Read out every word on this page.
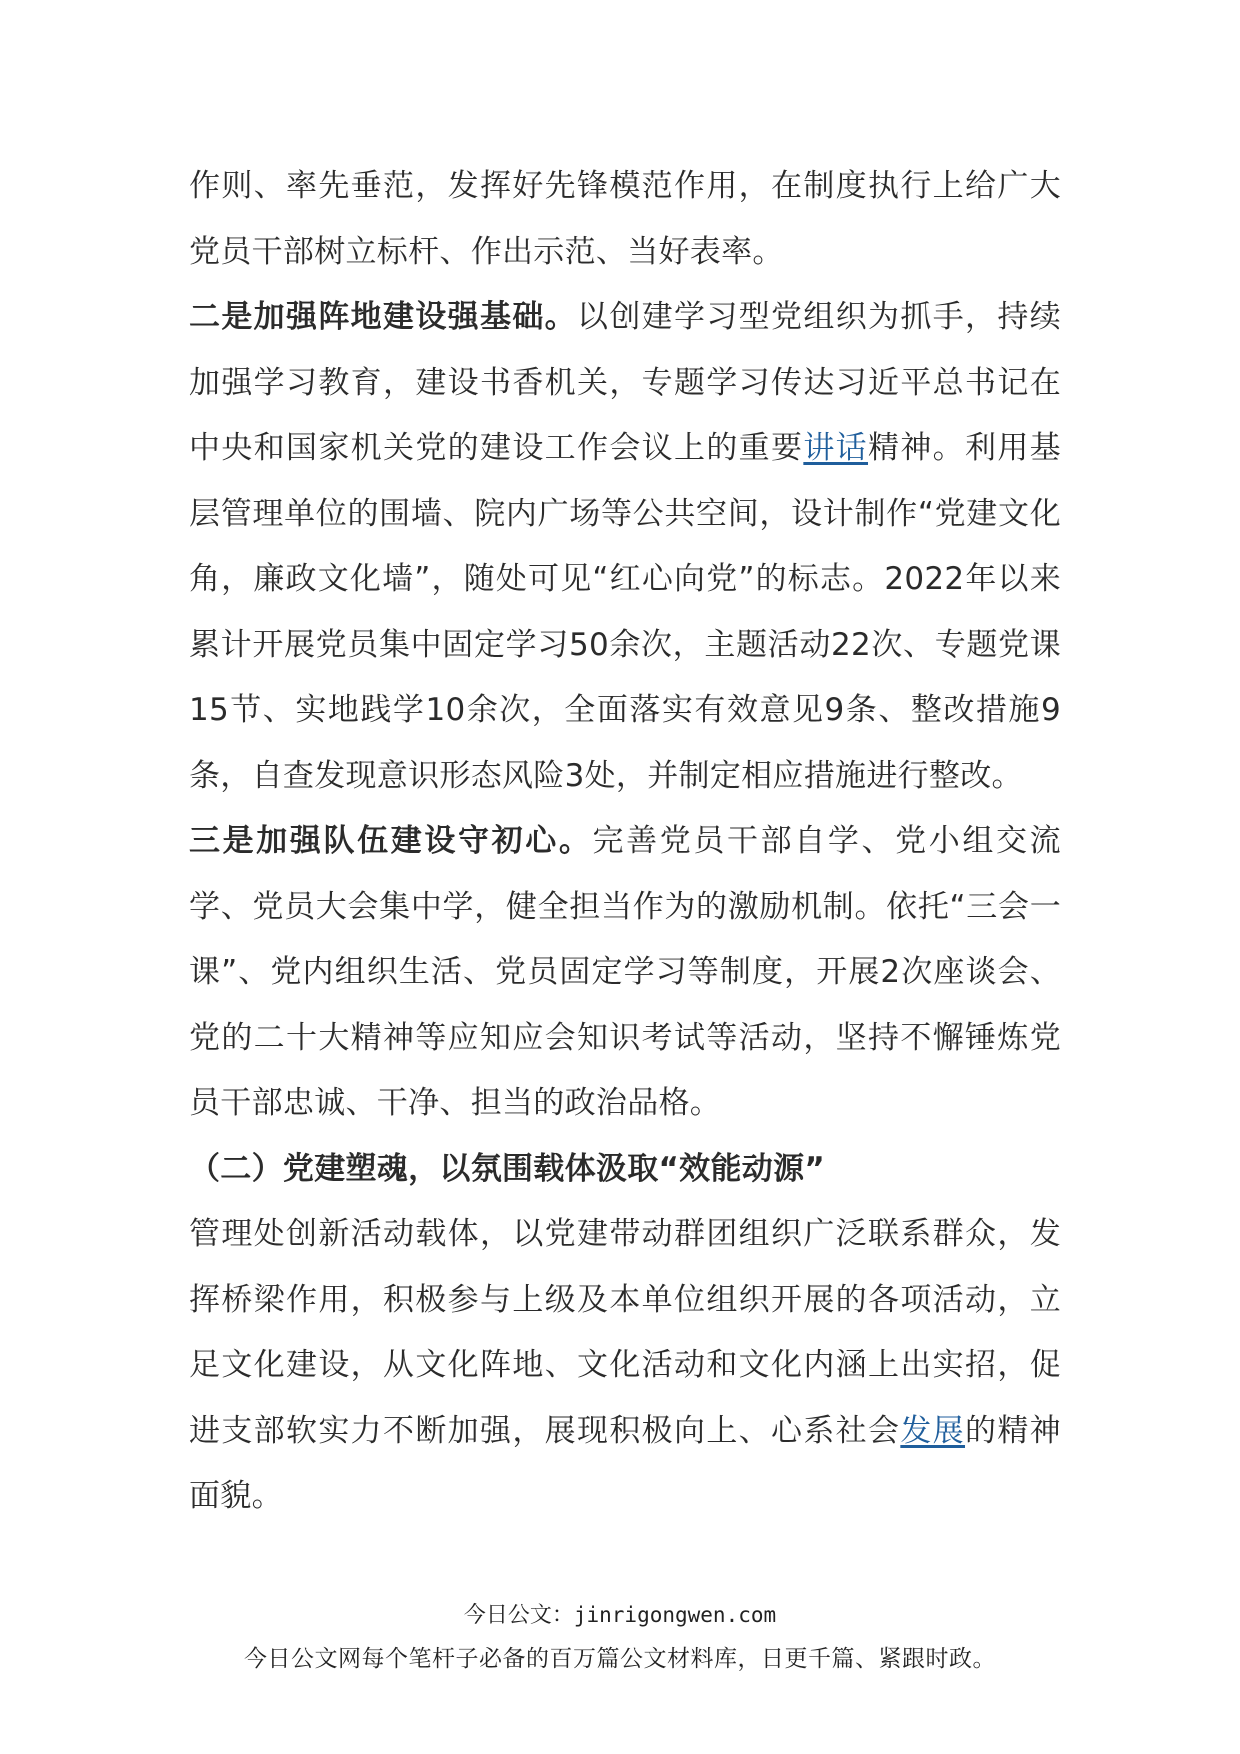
作则、率先垂范，发挥好先锋模范作用，在制度执行上给广大党员干部树立标杆、作出示范、当好表率。

二是加强阵地建设强基础。以创建学习型党组织为抓手，持续加强学习教育，建设书香机关，专题学习传达习近平总书记在中央和国家机关党的建设工作会议上的重要讲话精神。利用基层管理单位的围墙、院内广场等公共空间，设计制作“党建文化角，廉政文化墙”，随处可见“红心向党”的标志。2022年以来累计开展党员集中固定学习50余次，主题活动22次、专题党课15节、实地践学10余次，全面落实有效意见9条、整改措施9条，自查发现意识形态风险3处，并制定相应措施进行整改。

三是加强队伍建设守初心。完善党员干部自学、党小组交流学、党员大会集中学，健全担当作为的激励机制。依托“三会一课”、党内组织生活、党员固定学习等制度，开展2次座谈会、党的二十大精神等应知应会知识考试等活动，坚持不懈锤炼党员干部忠诚、干净、担当的政治品格。

（二）党建塑魂，以氛围载体汲取“效能动源”

管理处创新活动载体，以党建带动群团组织广泛联系群众，发挥桥梁作用，积极参与上级及本单位组织开展的各项活动，立足文化建设，从文化阵地、文化活动和文化内涵上出实招，促进支部软实力不断加强，展现积极向上、心系社会发展的精神面貌。

今日公文：jinrigongwen.com
今日公文网每个笔杆子必备的百万篇公文材料库，日更千篇、紧跟时政。
